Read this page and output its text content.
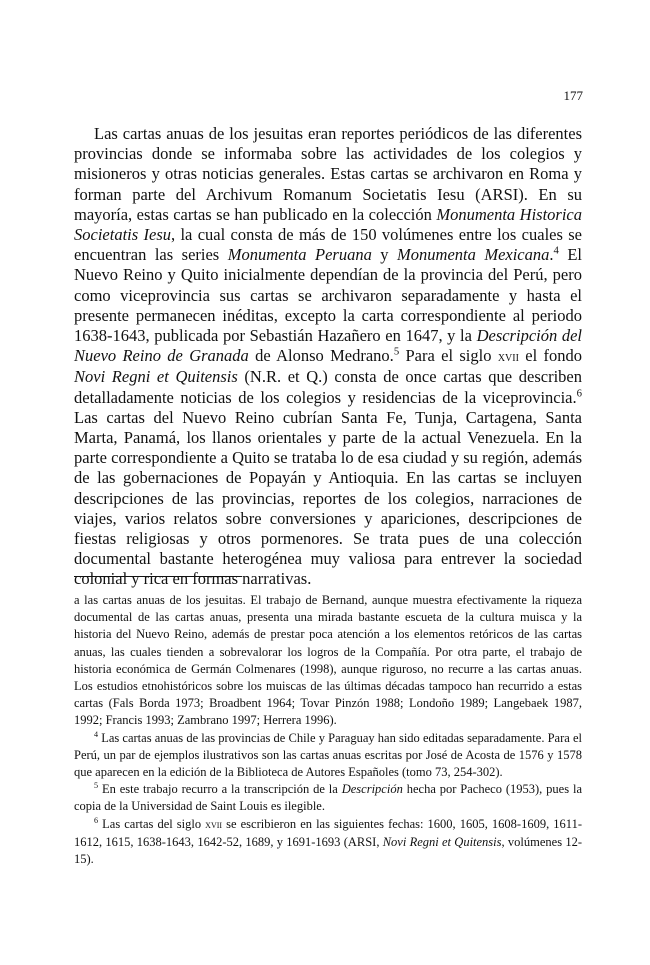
177

Las cartas anuas de los jesuitas eran reportes periódicos de las diferentes provincias donde se informaba sobre las actividades de los colegios y misioneros y otras noticias generales. Estas cartas se archivaron en Roma y forman parte del Archivum Romanum Societatis Iesu (ARSI). En su mayoría, estas cartas se han publicado en la colección Monumenta Historica Societatis Iesu, la cual consta de más de 150 volúmenes entre los cuales se encuentran las series Monumenta Peruana y Monumenta Mexicana.$^4$ El Nuevo Reino y Quito inicialmente dependían de la provincia del Perú, pero como viceprovincia sus cartas se archivaron separadamente y hasta el presente permanecen inéditas, excepto la carta correspondiente al periodo 1638-1643, publicada por Sebastián Hazañero en 1647, y la Descripción del Nuevo Reino de Granada de Alonso Medrano.$^5$ Para el siglo xvii el fondo Novi Regni et Quitensis (N.R. et Q.) consta de once cartas que describen detalladamente noticias de los colegios y residencias de la viceprovincia.$^6$ Las cartas del Nuevo Reino cubrían Santa Fe, Tunja, Cartagena, Santa Marta, Panamá, los llanos orientales y parte de la actual Venezuela. En la parte correspondiente a Quito se trataba lo de esa ciudad y su región, además de las gobernaciones de Popayán y Antioquia. En las cartas se incluyen descripciones de las provincias, reportes de los colegios, narraciones de viajes, varios relatos sobre conversiones y apariciones, descripciones de fiestas religiosas y otros pormenores. Se trata pues de una colección documental bastante heterogénea muy valiosa para entrever la sociedad colonial y rica en formas narrativas.

a las cartas anuas de los jesuitas. El trabajo de Bernand, aunque muestra efectivamente la riqueza documental de las cartas anuas, presenta una mirada bastante escueta de la cultura muisca y la historia del Nuevo Reino, además de prestar poca atención a los elementos retóricos de las cartas anuas, las cuales tienden a sobrevalorar los logros de la Compañía. Por otra parte, el trabajo de historia económica de Germán Colmenares (1998), aunque riguroso, no recurre a las cartas anuas. Los estudios etnohistóricos sobre los muiscas de las últimas décadas tampoco han recurrido a estas cartas (Fals Borda 1973; Broadbent 1964; Tovar Pinzón 1988; Londoño 1989; Langebaek 1987, 1992; Francis 1993; Zambrano 1997; Herrera 1996).

$^4$ Las cartas anuas de las provincias de Chile y Paraguay han sido editadas separadamente. Para el Perú, un par de ejemplos ilustrativos son las cartas anuas escritas por José de Acosta de 1576 y 1578 que aparecen en la edición de la Biblioteca de Autores Españoles (tomo 73, 254-302).

$^5$ En este trabajo recurro a la transcripción de la Descripción hecha por Pacheco (1953), pues la copia de la Universidad de Saint Louis es ilegible.

$^6$ Las cartas del siglo xvii se escribieron en las siguientes fechas: 1600, 1605, 1608-1609, 1611-1612, 1615, 1638-1643, 1642-52, 1689, y 1691-1693 (ARSI, Novi Regni et Quitensis, volúmenes 12-15).
